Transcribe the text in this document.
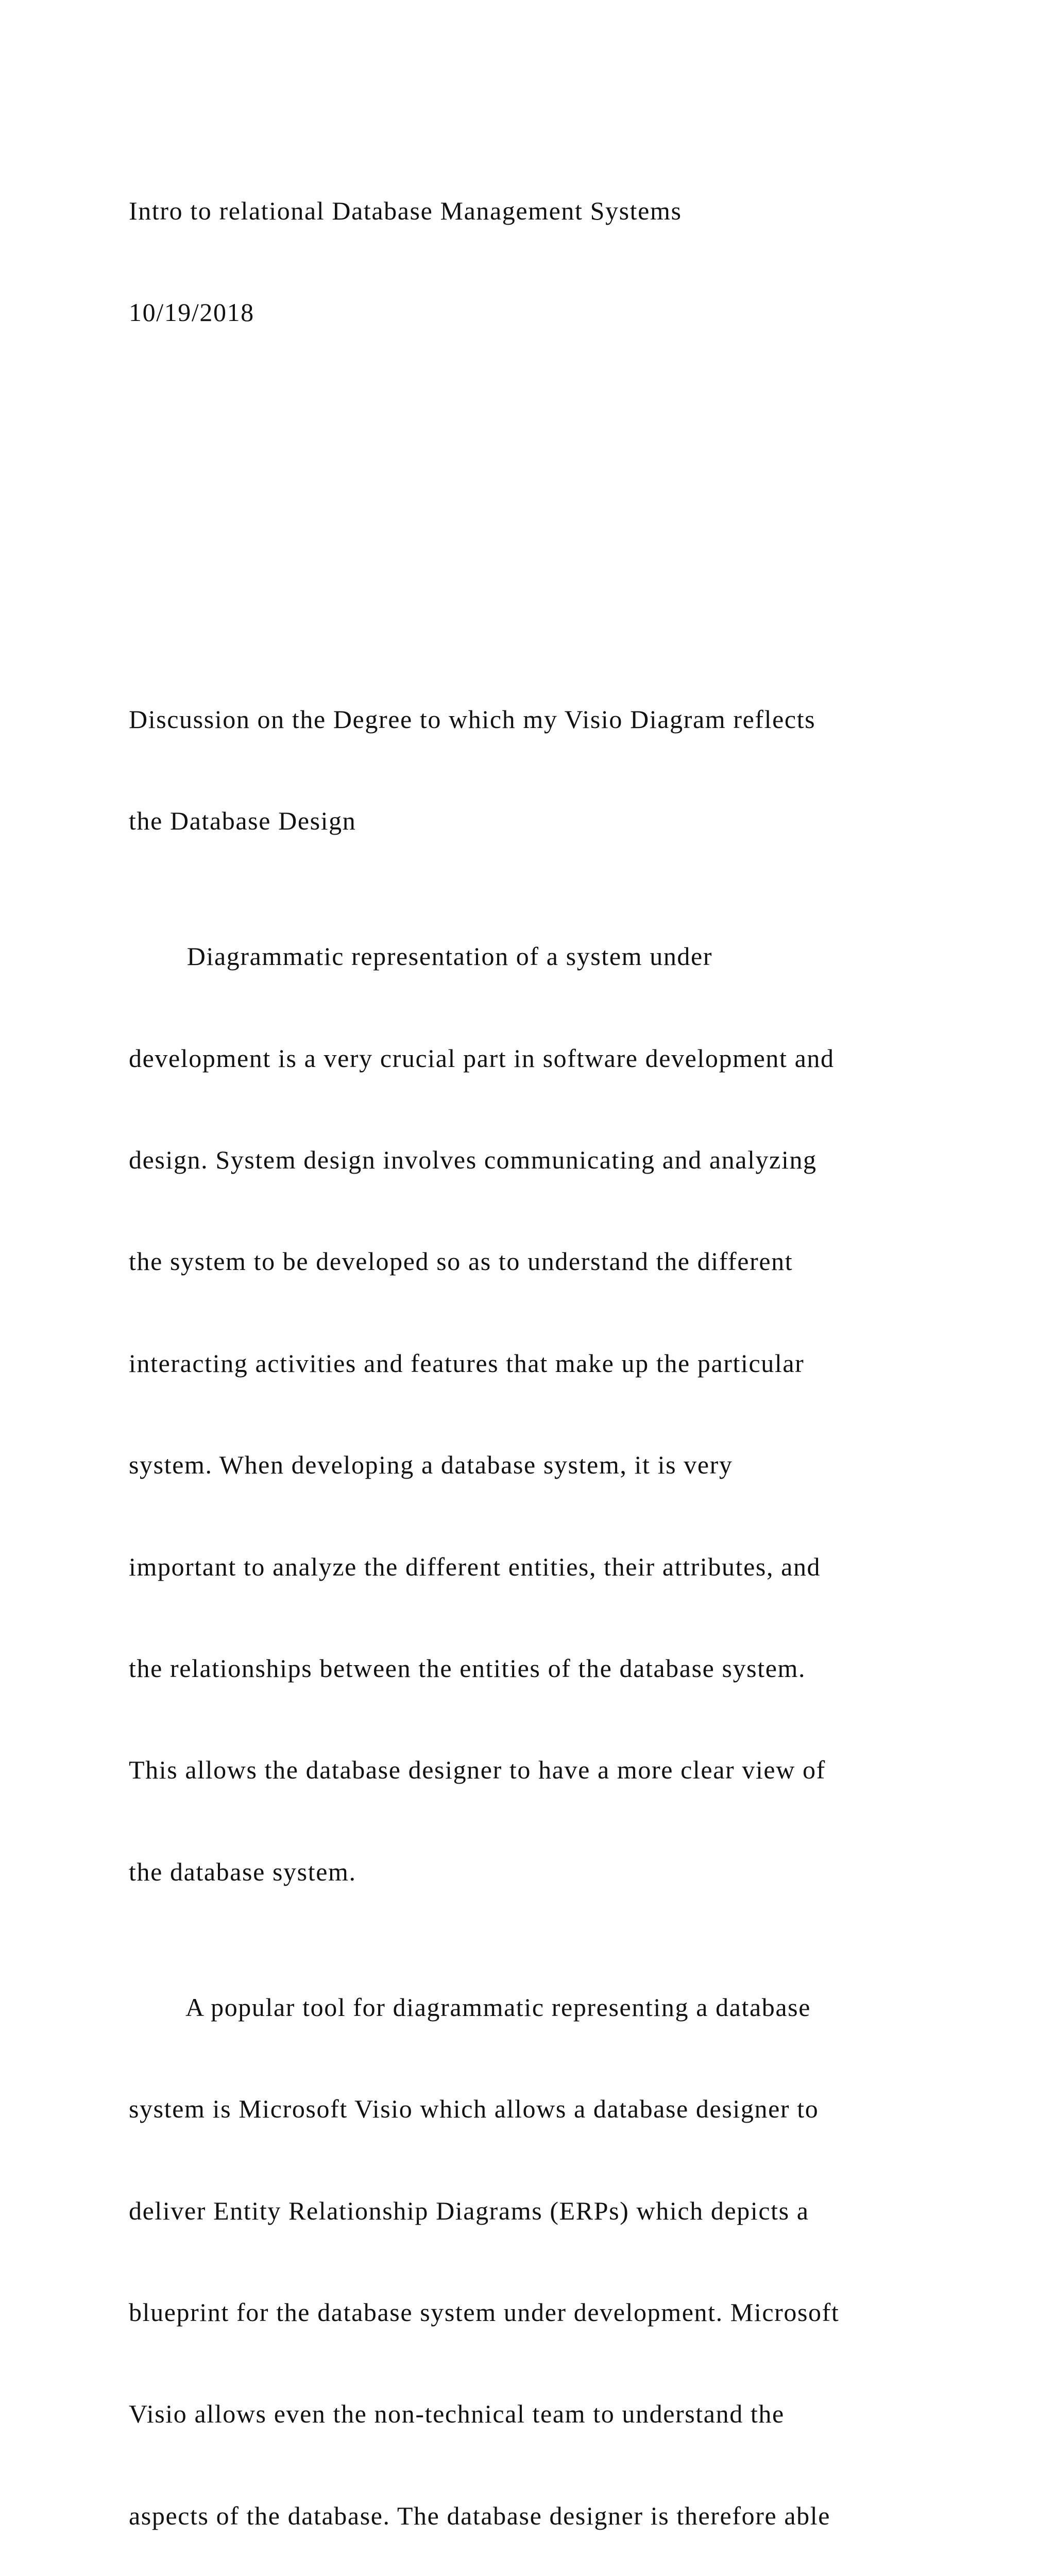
Intro to relational Database Management Systems

10/19/2018

Discussion on the Degree to which my Visio Diagram reflects

the Database Design

Diagrammatic representation of a system under

development is a very crucial part in software development and

design. System design involves communicating and analyzing

the system to be developed so as to understand the different

interacting activities and features that make up the particular

system. When developing a database system, it is very

important to analyze the different entities, their attributes, and

the relationships between the entities of the database system.

This allows the database designer to have a more clear view of

the database system.

A popular tool for diagrammatic representing a database

system is Microsoft Visio which allows a database designer to

deliver Entity Relationship Diagrams (ERPs) which depicts a

blueprint for the database system under development. Microsoft

Visio allows even the non-technical team to understand the

aspects of the database. The database designer is therefore able
